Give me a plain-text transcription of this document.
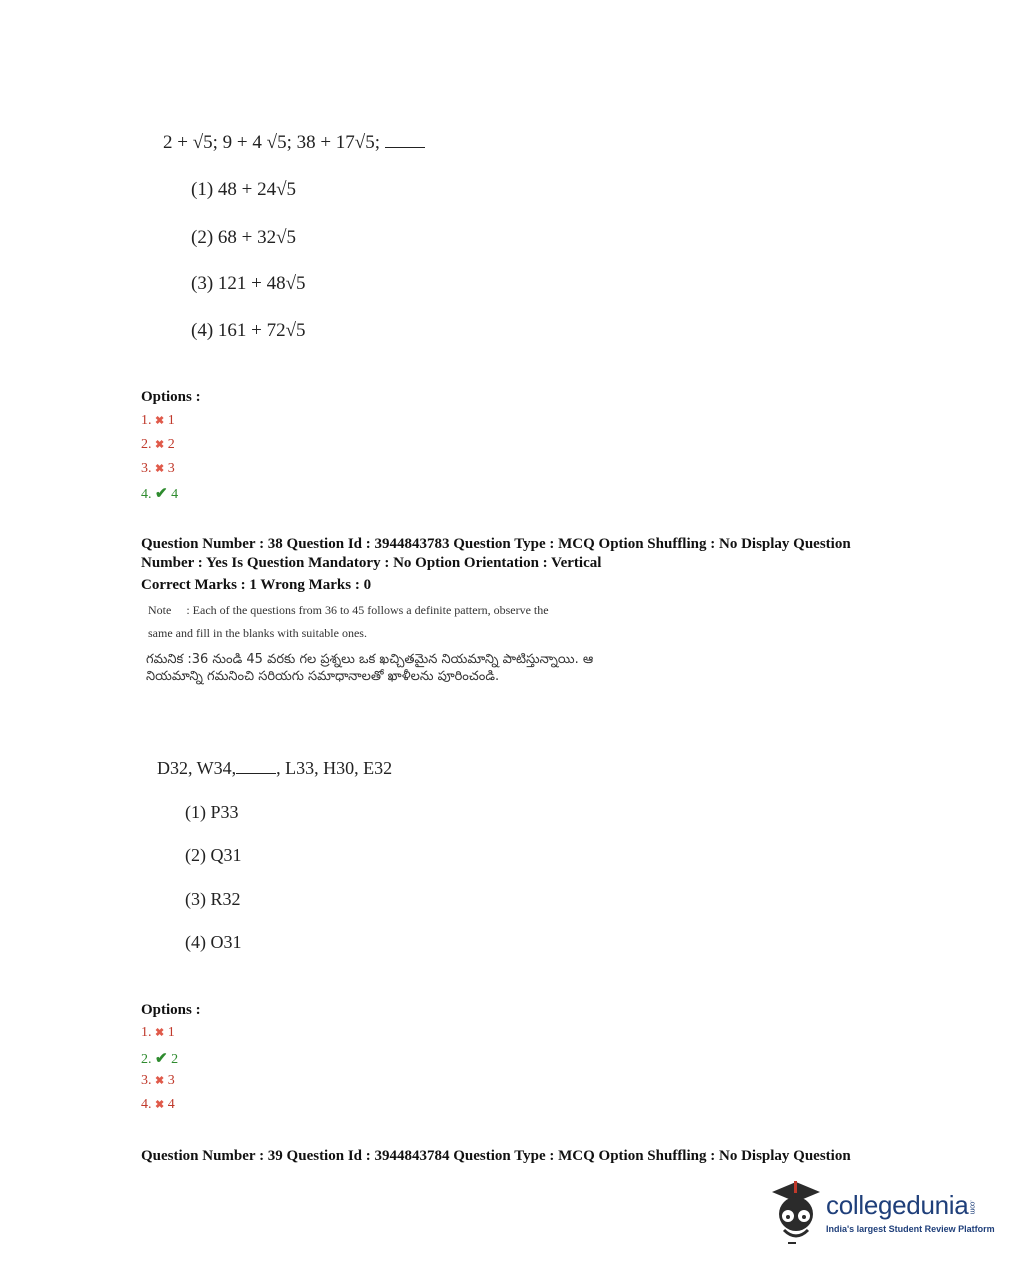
2 + √5; 9 + 4 √5; 38 + 17√5;
(1) 48 + 24√5
(2) 68 + 32√5
(3) 121 + 48√5
(4) 161 + 72√5
Options :
1. ✖ 1
2. ✖ 2
3. ✖ 3
4. ✔ 4
Question Number : 38 Question Id : 3944843783 Question Type : MCQ Option Shuffling : No Display Question
Number : Yes Is Question Mandatory : No Option Orientation : Vertical
Correct Marks : 1 Wrong Marks : 0
Note : Each of the questions from 36 to 45 follows a definite pattern, observe the
same and fill in the blanks with suitable ones.
గమనిక :36 నుండి 45 వరకు గల ప్రశ్నలు ఒక ఖచ్చితమైన నియమాన్ని పాటిస్తున్నాయి. ఆ నియమాన్ని గమనించి సరియగు సమాధానాలతో ఖాళీలను పూరించండి.
D32, W34, , L33, H30, E32
(1) P33
(2) Q31
(3) R32
(4) O31
Options :
1. ✖ 1
2. ✔ 2
3. ✖ 3
4. ✖ 4
Question Number : 39 Question Id : 3944843784 Question Type : MCQ Option Shuffling : No Display Question
collegedunia.com
India's largest Student Review Platform
